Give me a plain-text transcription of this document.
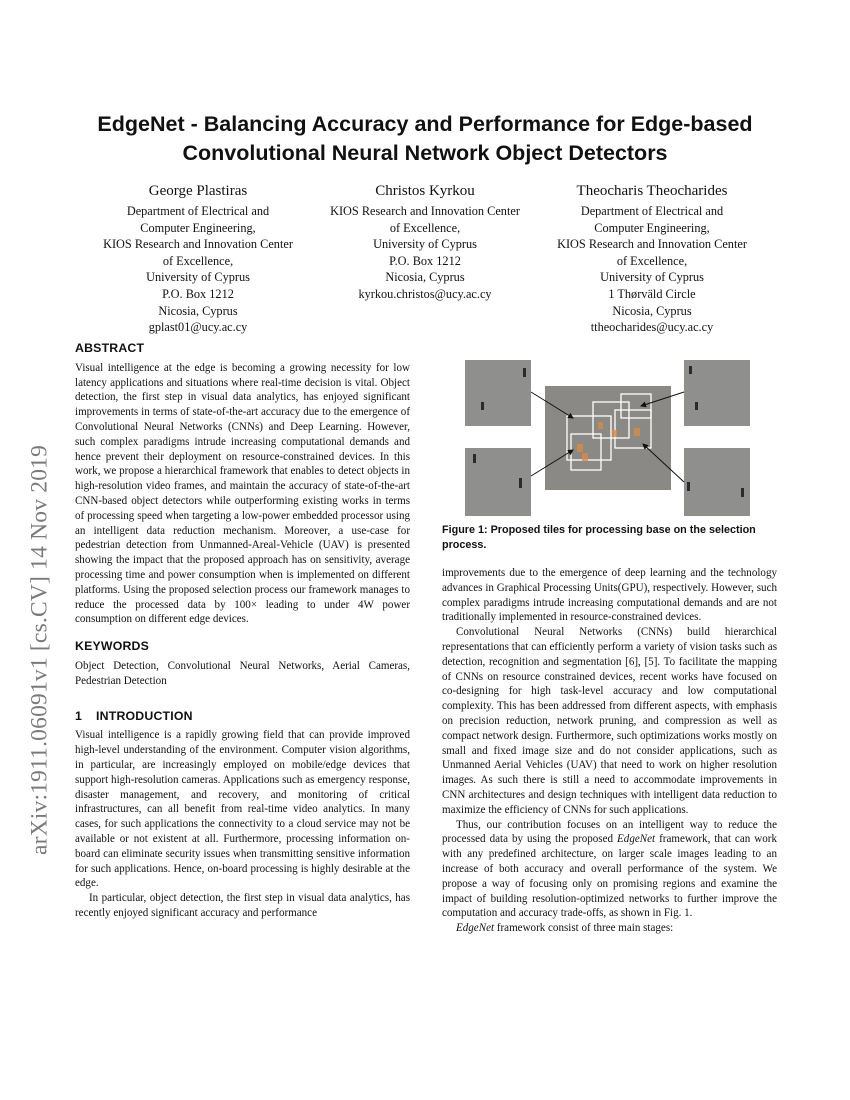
arXiv:1911.06091v1 [cs.CV] 14 Nov 2019
EdgeNet - Balancing Accuracy and Performance for Edge-based
Convolutional Neural Network Object Detectors
George Plastiras
Department of Electrical and
Computer Engineering,
KIOS Research and Innovation Center
of Excellence,
University of Cyprus
P.O. Box 1212
Nicosia, Cyprus
gplast01@ucy.ac.cy
Christos Kyrkou
KIOS Research and Innovation Center
of Excellence,
University of Cyprus
P.O. Box 1212
Nicosia, Cyprus
kyrkou.christos@ucy.ac.cy
Theocharis Theocharides
Department of Electrical and
Computer Engineering,
KIOS Research and Innovation Center
of Excellence,
University of Cyprus
1 Thørväld Circle
Nicosia, Cyprus
ttheocharides@ucy.ac.cy
ABSTRACT

Visual intelligence at the edge is becoming a growing necessity for low latency applications and situations where real-time decision is vital. Object detection, the first step in visual data analytics, has enjoyed significant improvements in terms of state-of-the-art accuracy due to the emergence of Convolutional Neural Networks (CNNs) and Deep Learning. However, such complex paradigms intrude increasing computational demands and hence prevent their deployment on resource-constrained devices. In this work, we propose a hierarchical framework that enables to detect objects in high-resolution video frames, and maintain the accuracy of state-of-the-art CNN-based object detectors while outperforming existing works in terms of processing speed when targeting a low-power embedded processor using an intelligent data reduction mechanism. Moreover, a use-case for pedestrian detection from Unmanned-Areal-Vehicle (UAV) is presented showing the impact that the proposed approach has on sensitivity, average processing time and power consumption when is implemented on different platforms. Using the proposed selection process our framework manages to reduce the processed data by 100× leading to under 4W power consumption on different edge devices.

KEYWORDS

Object Detection, Convolutional Neural Networks, Aerial Cameras, Pedestrian Detection

1 INTRODUCTION

Visual intelligence is a rapidly growing field that can provide improved high-level understanding of the environment. Computer vision algorithms, in particular, are increasingly employed on mobile/edge devices that support high-resolution cameras. Applications such as emergency response, disaster management, and recovery, and monitoring of critical infrastructures, can all benefit from real-time video analytics. In many cases, for such applications the connectivity to a cloud service may not be available or not existent at all. Furthermore, processing information on-board can eliminate security issues when transmitting sensitive information for such applications. Hence, on-board processing is highly desirable at the edge.

In particular, object detection, the first step in visual data analytics, has recently enjoyed significant accuracy and performance

Figure 1: Proposed tiles for processing base on the selection process.

improvements due to the emergence of deep learning and the technology advances in Graphical Processing Units(GPU), respectively. However, such complex paradigms intrude increasing computational demands and are not traditionally implemented in resource-constrained devices.

Convolutional Neural Networks (CNNs) build hierarchical representations that can efficiently perform a variety of vision tasks such as detection, recognition and segmentation [6], [5]. To facilitate the mapping of CNNs on resource constrained devices, recent works have focused on co-designing for high task-level accuracy and low computational complexity. This has been addressed from different aspects, with emphasis on precision reduction, network pruning, and compression as well as compact network design. Furthermore, such optimizations works mostly on small and fixed image size and do not consider applications, such as Unmanned Aerial Vehicles (UAV) that need to work on higher resolution images. As such there is still a need to accommodate improvements in CNN architectures and design techniques with intelligent data reduction to maximize the efficiency of CNNs for such applications.

Thus, our contribution focuses on an intelligent way to reduce the processed data by using the proposed EdgeNet framework, that can work with any predefined architecture, on larger scale images leading to an increase of both accuracy and overall performance of the system. We propose a way of focusing only on promising regions and examine the impact of building resolution-optimized networks to further improve the computation and accuracy trade-offs, as shown in Fig. 1.

EdgeNet framework consist of three main stages:
